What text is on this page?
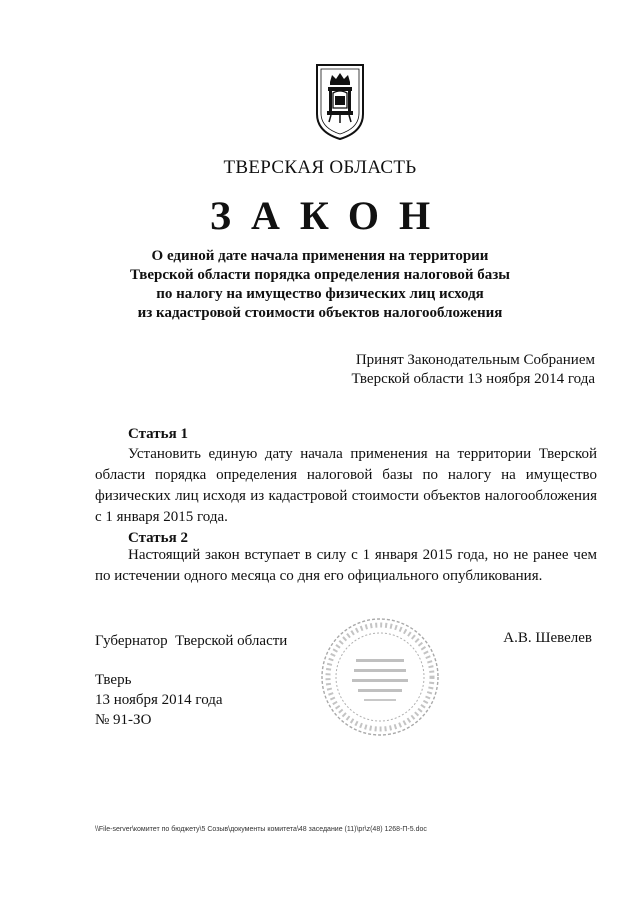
ТВЕРСКАЯ ОБЛАСТЬ
ЗАКОН
О единой дате начала применения на территории
Тверской области порядка определения налоговой базы
по налогу на имущество физических лиц исходя
из кадастровой стоимости объектов налогообложения
Принят Законодательным Собранием
Тверской области 13 ноября 2014 года
Статья 1
Установить единую дату начала применения на территории Тверской области порядка определения налоговой базы по налогу на имущество физических лиц исходя из кадастровой стоимости объектов налогообложения с 1 января 2015 года.
Статья 2
Настоящий закон вступает в силу с 1 января 2015 года, но не ранее чем по истечении одного месяца со дня его официального опубликования.
Губернатор  Тверской области	А.В. Шевелев
Тверь
13 ноября 2014 года
№ 91-ЗО
\\File-server\комитет по бюджету\5 Созыв\документы комитета\48 заседание (11)\pr\z(48) 1268-П-5.doc
